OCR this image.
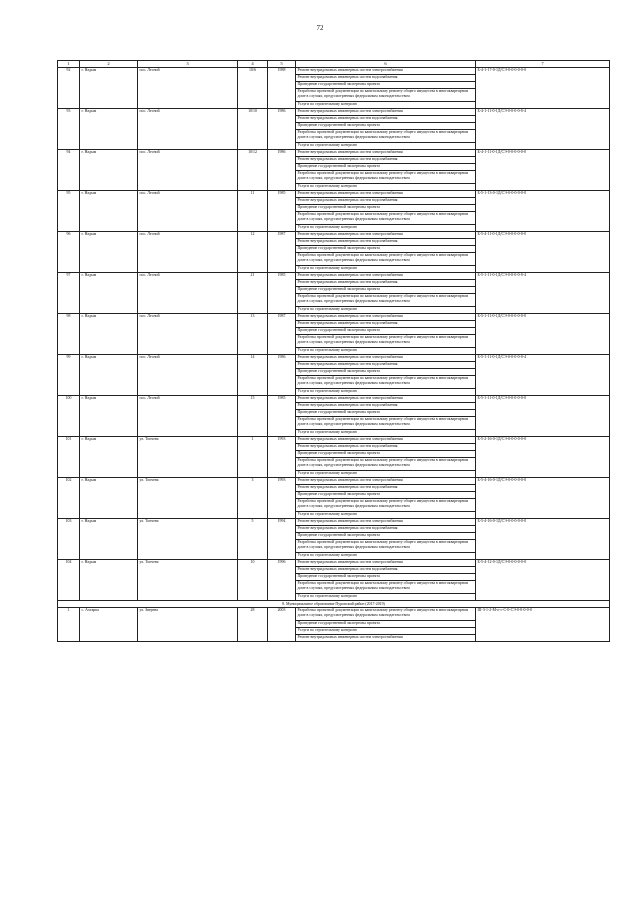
72
1	2	3	4	5	6	7
92	г. Надым	пос. Лесной	10/6	1988	Ремонт внутридомовых инженерных систем электроснабжения	Б-4-1-17-0-1Д/СЭ-0-0-0-0-0-0
					Ремонт внутридомовых инженерных систем водоснабжения	
					Проведение государственной экспертизы проекта	
					Разработка проектной документации по капитальному ремонту общего имущества в многоквартирном доме в случаях, предусмотренных федеральным законодательством	
					Услуги по строительному контролю	
93	г. Надым	пос. Лесной	10/10	1986	Ремонт внутридомовых инженерных систем электроснабжения	Б-4-1-11-0-1Д/СЭ-0-0-0-0-0-4
					Ремонт внутридомовых инженерных систем водоснабжения	
					Проведение государственной экспертизы проекта	
					Разработка проектной документации по капитальному ремонту общего имущества в многоквартирном доме в случаях, предусмотренных федеральным законодательством	
					Услуги по строительному контролю	
94	г. Надым	пос. Лесной	10/12	1986	Ремонт внутридомовых инженерных систем электроснабжения	Б-4-1-11-0-1Д/СЭ-0-0-0-0-0-0
					Ремонт внутридомовых инженерных систем водоснабжения	
					Проведение государственной экспертизы проекта	
					Разработка проектной документации по капитальному ремонту общего имущества в многоквартирном доме в случаях, предусмотренных федеральным законодательством	
					Услуги по строительному контролю	
95	г. Надым	пос. Лесной	11	1985	Ремонт внутридомовых инженерных систем электроснабжения	Б-5-1-13-0-1Д/СЭ-0-0-0-0-0-0
					Ремонт внутридомовых инженерных систем водоснабжения	
					Проведение государственной экспертизы проекта	
					Разработка проектной документации по капитальному ремонту общего имущества в многоквартирном доме в случаях, предусмотренных федеральным законодательством	
					Услуги по строительному контролю	
96	г. Надым	пос. Лесной	12	1987	Ремонт внутридомовых инженерных систем электроснабжения	Б-5-4-11-0-1Д/СЭ-0-0-0-0-0-0
					Ремонт внутридомовых инженерных систем водоснабжения	
					Проведение государственной экспертизы проекта	
					Разработка проектной документации по капитальному ремонту общего имущества в многоквартирном доме в случаях, предусмотренных федеральным законодательством	
					Услуги по строительному контролю	
97	г. Надым	пос. Лесной	21	1985	Ремонт внутридомовых инженерных систем электроснабжения	Б-5-1-11-0-1Д/СЭ-0-0-0-0-0-4
					Ремонт внутридомовых инженерных систем водоснабжения	
					Проведение государственной экспертизы проекта	
					Разработка проектной документации по капитальному ремонту общего имущества в многоквартирном доме в случаях, предусмотренных федеральным законодательством	
					Услуги по строительному контролю	
98	г. Надым	пос. Лесной	13	1987	Ремонт внутридомовых инженерных систем электроснабжения	Б-5-1-11-0-1Д/СЭ-0-0-0-0-0-0
					Ремонт внутридомовых инженерных систем водоснабжения	
					Проведение государственной экспертизы проекта	
					Разработка проектной документации по капитальному ремонту общего имущества в многоквартирном доме в случаях, предусмотренных федеральным законодательством	
					Услуги по строительному контролю	
99	г. Надым	пос. Лесной	14	1986	Ремонт внутридомовых инженерных систем электроснабжения	Б-5-1-11-0-1Д/СЭ-0-0-0-0-0-4
					Ремонт внутридомовых инженерных систем водоснабжения	
					Проведение государственной экспертизы проекта	
					Разработка проектной документации по капитальному ремонту общего имущества в многоквартирном доме в случаях, предусмотренных федеральным законодательством	
					Услуги по строительному контролю	
100	г. Надым	пос. Лесной	15	1985	Ремонт внутридомовых инженерных систем электроснабжения	Б-5-1-11-0-1Д/СЭ-0-0-0-0-0-0
					Ремонт внутридомовых инженерных систем водоснабжения	
					Проведение государственной экспертизы проекта	
					Разработка проектной документации по капитальному ремонту общего имущества в многоквартирном доме в случаях, предусмотренных федеральным законодательством	
					Услуги по строительному контролю	
101	г. Надым	ул. Топчева	1	1993	Ремонт внутридомовых инженерных систем электроснабжения	Б-5-2-16-0-1Д/СЭ-0-0-0-0-0-0
					Ремонт внутридомовых инженерных систем водоснабжения	
					Проведение государственной экспертизы проекта	
					Разработка проектной документации по капитальному ремонту общего имущества в многоквартирном доме в случаях, предусмотренных федеральным законодательством	
					Услуги по строительному контролю	
102	г. Надым	ул. Топчева	3	1993	Ремонт внутридомовых инженерных систем электроснабжения	Б-5-4-16-0-1Д/СЭ-0-0-0-0-0-0
					Ремонт внутридомовых инженерных систем водоснабжения	
					Проведение государственной экспертизы проекта	
					Разработка проектной документации по капитальному ремонту общего имущества в многоквартирном доме в случаях, предусмотренных федеральным законодательством	
					Услуги по строительному контролю	
103	г. Надым	ул. Топчева	5	1994	Ремонт внутридомовых инженерных систем электроснабжения	Б-5-4-16-0-1Д/СЭ-0-0-0-0-0-0
					Ремонт внутридомовых инженерных систем водоснабжения	
					Проведение государственной экспертизы проекта	
					Разработка проектной документации по капитальному ремонту общего имущества в многоквартирном доме в случаях, предусмотренных федеральным законодательством	
					Услуги по строительному контролю	
104	г. Надым	ул. Топчева	10	1996	Ремонт внутридомовых инженерных систем электроснабжения	Б-5-4-12-0-1Д/СЭ-0-0-0-0-0-0
					Ремонт внутридомовых инженерных систем водоснабжения	
					Проведение государственной экспертизы проекта	
					Разработка проектной документации по капитальному ремонту общего имущества в многоквартирном доме в случаях, предусмотренных федеральным законодательством	
					Услуги по строительному контролю	
8. Муниципальное образование Пуровский район (2017-2019)						
1	с. Ахтарка	ул. Зверева	28	2003	Разработка проектной документации по капитальному ремонту общего имущества в многоквартирном доме в случаях, предусмотренных федеральным законодательством	Ш-3-1-2-М-о-с-С-0-СЭ-0-0-0-0-0
					Проведение государственной экспертизы проекта	
					Услуги по строительному контролю	
					Ремонт внутридомовых инженерных систем электроснабжения	
